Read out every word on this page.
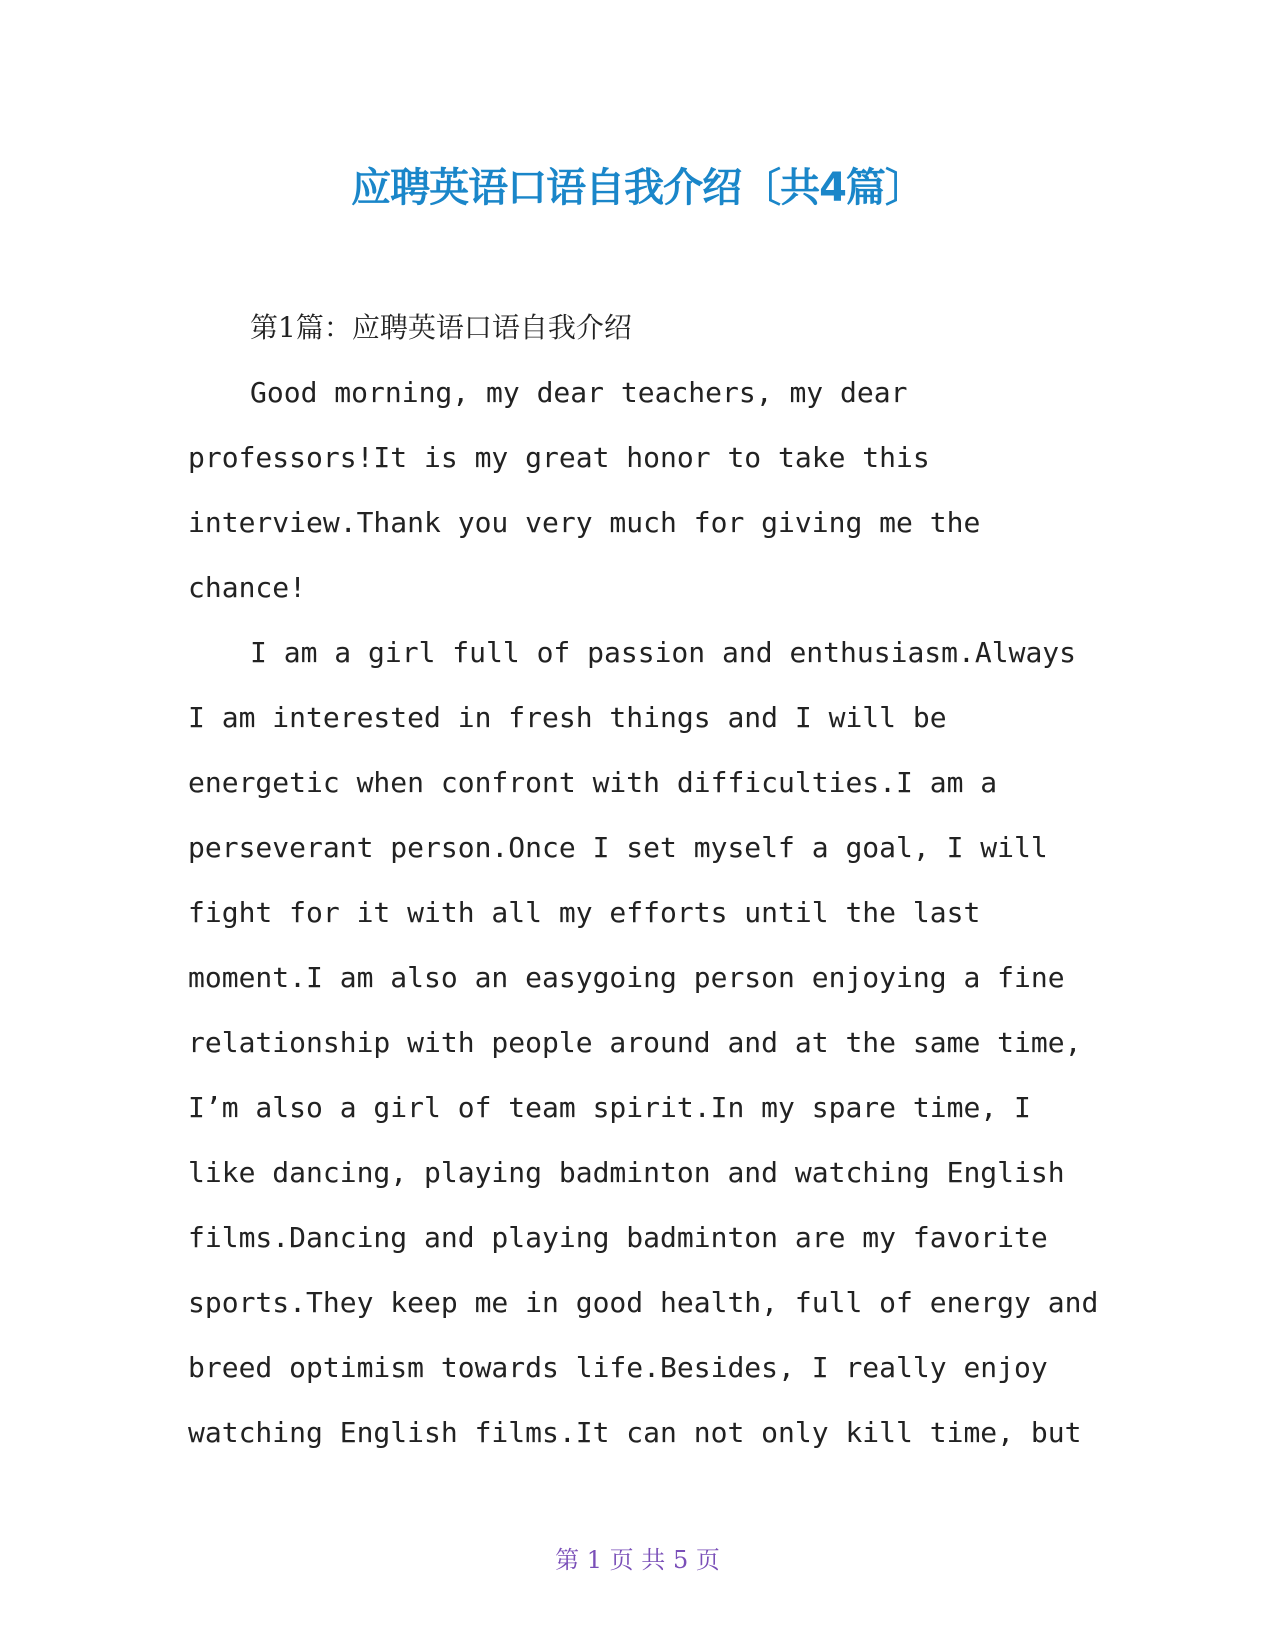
应聘英语口语自我介绍〔共4篇〕
第1篇：应聘英语口语自我介绍
Good morning, my dear teachers, my dear
professors!It is my great honor to take this
interview.Thank you very much for giving me the
chance!
I am a girl full of passion and enthusiasm.Always
I am interested in fresh things and I will be
energetic when confront with difficulties.I am a
perseverant person.Once I set myself a goal, I will
fight for it with all my efforts until the last
moment.I am also an easygoing person enjoying a fine
relationship with people around and at the same time,
I’m also a girl of team spirit.In my spare time, I
like dancing, playing badminton and watching English
films.Dancing and playing badminton are my favorite
sports.They keep me in good health, full of energy and
breed optimism towards life.Besides, I really enjoy
watching English films.It can not only kill time, but
第 1 页 共 5 页
